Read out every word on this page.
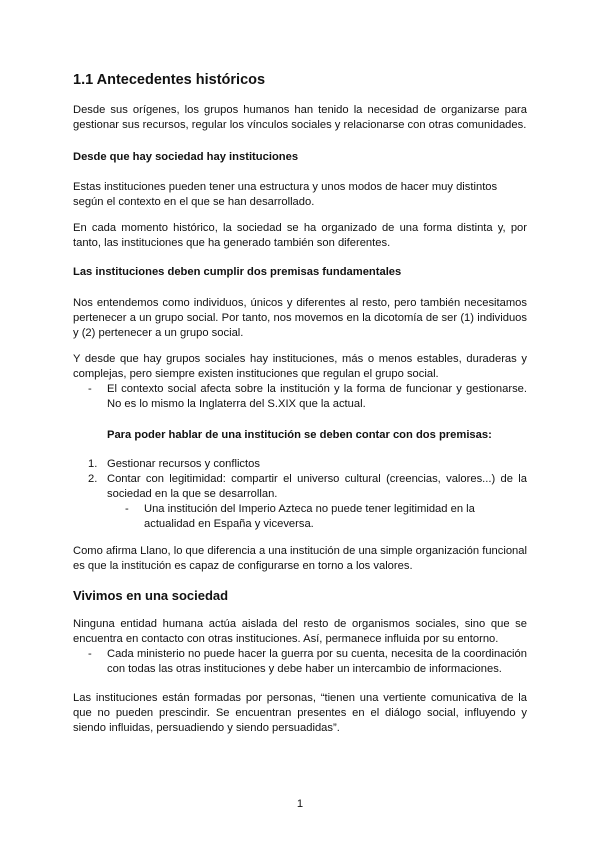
1.1 Antecedentes históricos

Desde sus orígenes, los grupos humanos han tenido la necesidad de organizarse para gestionar sus recursos, regular los vínculos sociales y relacionarse con otras comunidades.

Desde que hay sociedad hay instituciones

Estas instituciones pueden tener una estructura y unos modos de hacer muy distintos según el contexto en el que se han desarrollado.

En cada momento histórico, la sociedad se ha organizado de una forma distinta y, por tanto, las instituciones que ha generado también son diferentes.

Las instituciones deben cumplir dos premisas fundamentales

Nos entendemos como individuos, únicos y diferentes al resto, pero también necesitamos pertenecer a un grupo social. Por tanto, nos movemos en la dicotomía de ser (1) individuos y (2) pertenecer a un grupo social.

Y desde que hay grupos sociales hay instituciones, más o menos estables, duraderas y complejas, pero siempre existen instituciones que regulan el grupo social.

- El contexto social afecta sobre la institución y la forma de funcionar y gestionarse. No es lo mismo la Inglaterra del S.XIX que la actual.

Para poder hablar de una institución se deben contar con dos premisas:

1. Gestionar recursos y conflictos
2. Contar con legitimidad: compartir el universo cultural (creencias, valores...) de la sociedad en la que se desarrollan.
- Una institución del Imperio Azteca no puede tener legitimidad en la actualidad en España y viceversa.

Como afirma Llano, lo que diferencia a una institución de una simple organización funcional es que la institución es capaz de configurarse en torno a los valores.

Vivimos en una sociedad

Ninguna entidad humana actúa aislada del resto de organismos sociales, sino que se encuentra en contacto con otras instituciones. Así, permanece influida por su entorno.

- Cada ministerio no puede hacer la guerra por su cuenta, necesita de la coordinación con todas las otras instituciones y debe haber un intercambio de informaciones.

Las instituciones están formadas por personas, “tienen una vertiente comunicativa de la que no pueden prescindir. Se encuentran presentes en el diálogo social, influyendo y siendo influidas, persuadiendo y siendo persuadidas”.

1
